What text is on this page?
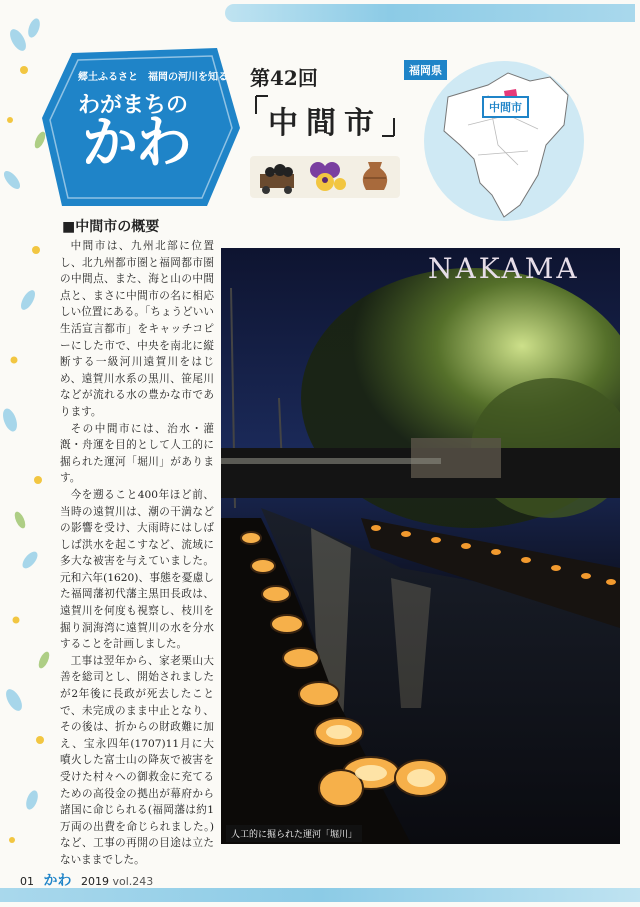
郷土ふるさと　福岡の河川を知る
わがまちの
かわ
第42回
中間市
福岡県
中間市
■中間市の概要

中間市は、九州北部に位置し、北九州都市圏と福岡都市圏の中間点、また、海と山の中間点と、まさに中間市の名に相応しい位置にある。「ちょうどいい生活宣言都市」をキャッチコピーにした市で、中央を南北に縦断する一級河川遠賀川をはじめ、遠賀川水系の黒川、笹尾川などが流れる水の豊かな市であります。

その中間市には、治水・灌漑・舟運を目的として人工的に掘られた運河「堀川」があります。

今を遡ること400年ほど前、当時の遠賀川は、潮の干満などの影響を受け、大雨時にはしばしば洪水を起こすなど、流域に多大な被害を与えていました。元和六年(1620)、事態を憂慮した福岡藩初代藩主黒田長政は、遠賀川を何度も視察し、枝川を掘り洞海湾に遠賀川の水を分水することを計画しました。

工事は翌年から、家老栗山大善を総司とし、開始されましたが2年後に長政が死去したことで、未完成のまま中止となり、その後は、折からの財政難に加え、宝永四年(1707)11月に大噴火した富士山の降灰で被害を受けた村々への御救金に充てるための高役金の拠出が幕府から諸国に命じられる(福岡藩は約1万両の出費を命じられました。)など、工事の再開の目途は立たないままでした。

NAKAMA
人工的に掘られた運河「堀川」
01 かわ 2019 vol.243
